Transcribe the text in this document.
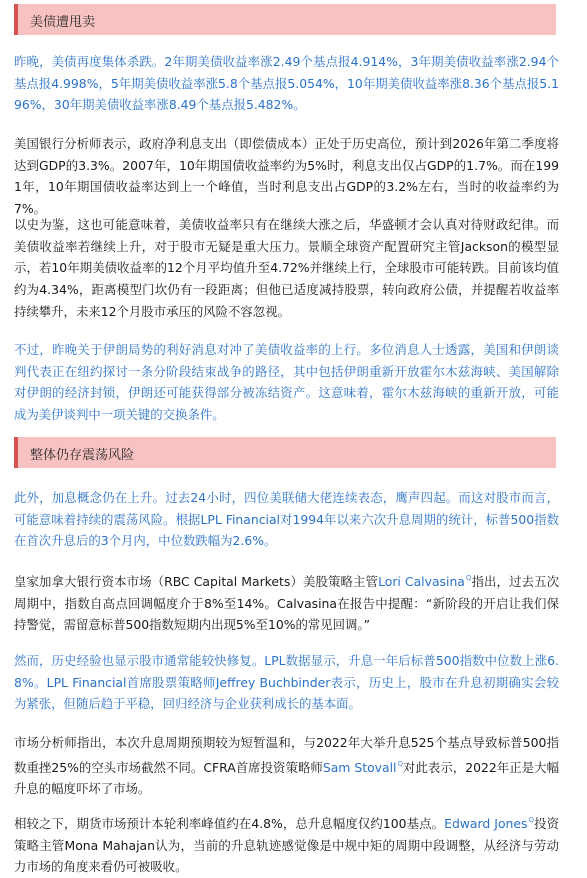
美债遭甩卖

昨晚，美债再度集体杀跌。2年期美债收益率涨2.49个基点报4.914%，3年期美债收益率涨2.94个基点报4.998%，5年期美债收益率涨5.8个基点报5.054%，10年期美债收益率涨8.36个基点报5.196%，30年期美债收益率涨8.49个基点报5.482%。

美国银行分析师表示，政府净利息支出（即偿债成本）正处于历史高位，预计到2026年第二季度将达到GDP的3.3%。2007年，10年期国债收益率约为5%时，利息支出仅占GDP的1.7%。而在1991年，10年期国债收益率达到上一个峰值，当时利息支出占GDP的3.2%左右，当时的收益率约为7%。

以史为鉴，这也可能意味着，美债收益率只有在继续大涨之后，华盛顿才会认真对待财政纪律。而美债收益率若继续上升，对于股市无疑是重大压力。景顺全球资产配置研究主管Jackson的模型显示，若10年期美债收益率的12个月平均值升至4.72%并继续上行，全球股市可能转跌。目前该均值约为4.34%，距离模型门坎仍有一段距离；但他已适度减持股票，转向政府公债，并提醒若收益率持续攀升，未来12个月股市承压的风险不容忽视。

不过，昨晚关于伊朗局势的利好消息对冲了美债收益率的上行。多位消息人士透露，美国和伊朗谈判代表正在纽约探讨一条分阶段结束战争的路径，其中包括伊朗重新开放霍尔木兹海峡、美国解除对伊朗的经济封锁，伊朗还可能获得部分被冻结资产。这意味着，霍尔木兹海峡的重新开放，可能成为美伊谈判中一项关键的交换条件。

整体仍存震荡风险

此外，加息概念仍在上升。过去24小时，四位美联储大佬连续表态，鹰声四起。而这对股市而言，可能意味着持续的震荡风险。根据LPL Financial对1994年以来六次升息周期的统计，标普500指数在首次升息后的3个月内，中位数跌幅为2.6%。

皇家加拿大银行资本市场（RBC Capital Markets）美股策略主管Lori Calvasina$^Q$指出，过去五次周期中，指数自高点回调幅度介于8%至14%。Calvasina在报告中提醒：“新阶段的开启让我们保持警觉，需留意标普500指数短期内出现5%至10%的常见回调。”

然而，历史经验也显示股市通常能较快修复。LPL数据显示，升息一年后标普500指数中位数上涨6.8%。LPL Financial首席股票策略师Jeffrey Buchbinder表示，历史上，股市在升息初期确实会较为紧张，但随后趋于平稳，回归经济与企业获利成长的基本面。

市场分析师指出，本次升息周期预期较为短暂温和，与2022年大举升息525个基点导致标普500指数重挫25%的空头市场截然不同。CFRA首席投资策略师Sam Stovall$^Q$对此表示，2022年正是大幅升息的幅度吓坏了市场。

相较之下，期货市场预计本轮利率峰值约在4.8%，总升息幅度仅约100基点。Edward Jones$^Q$投资策略主管Mona Mahajan认为，当前的升息轨迹感觉像是中规中矩的周期中段调整，从经济与劳动力市场的角度来看仍可被吸收。
